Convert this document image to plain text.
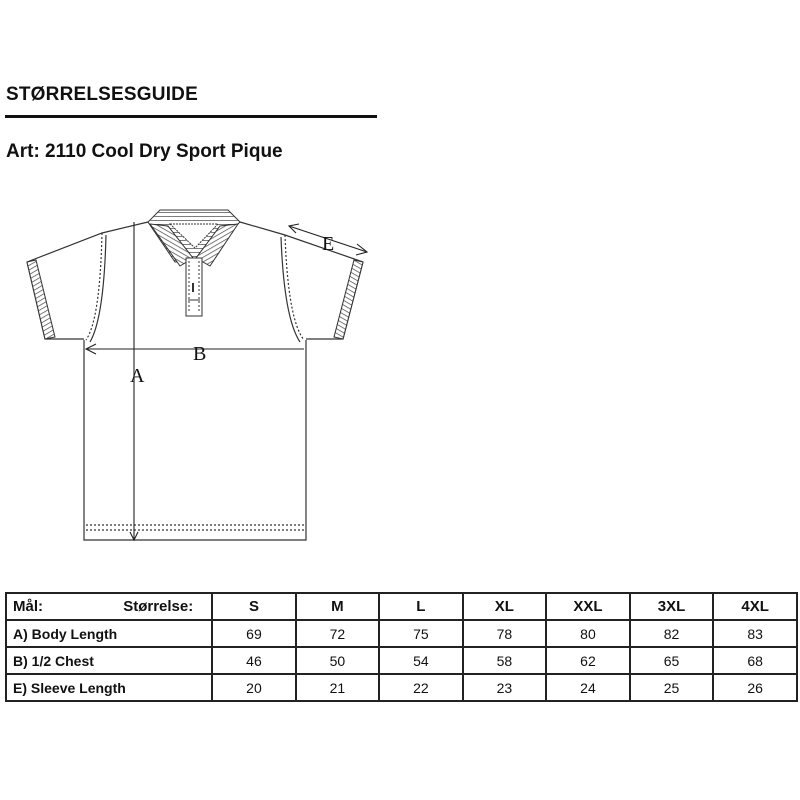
STØRRELSESGUIDE
Art: 2110 Cool Dry Sport Pique
A
B
E
Mål: Størrelse:	S	M	L	XL	XXL	3XL	4XL
A) Body Length	69	72	75	78	80	82	83
B) 1/2 Chest	46	50	54	58	62	65	68
E) Sleeve Length	20	21	22	23	24	25	26
